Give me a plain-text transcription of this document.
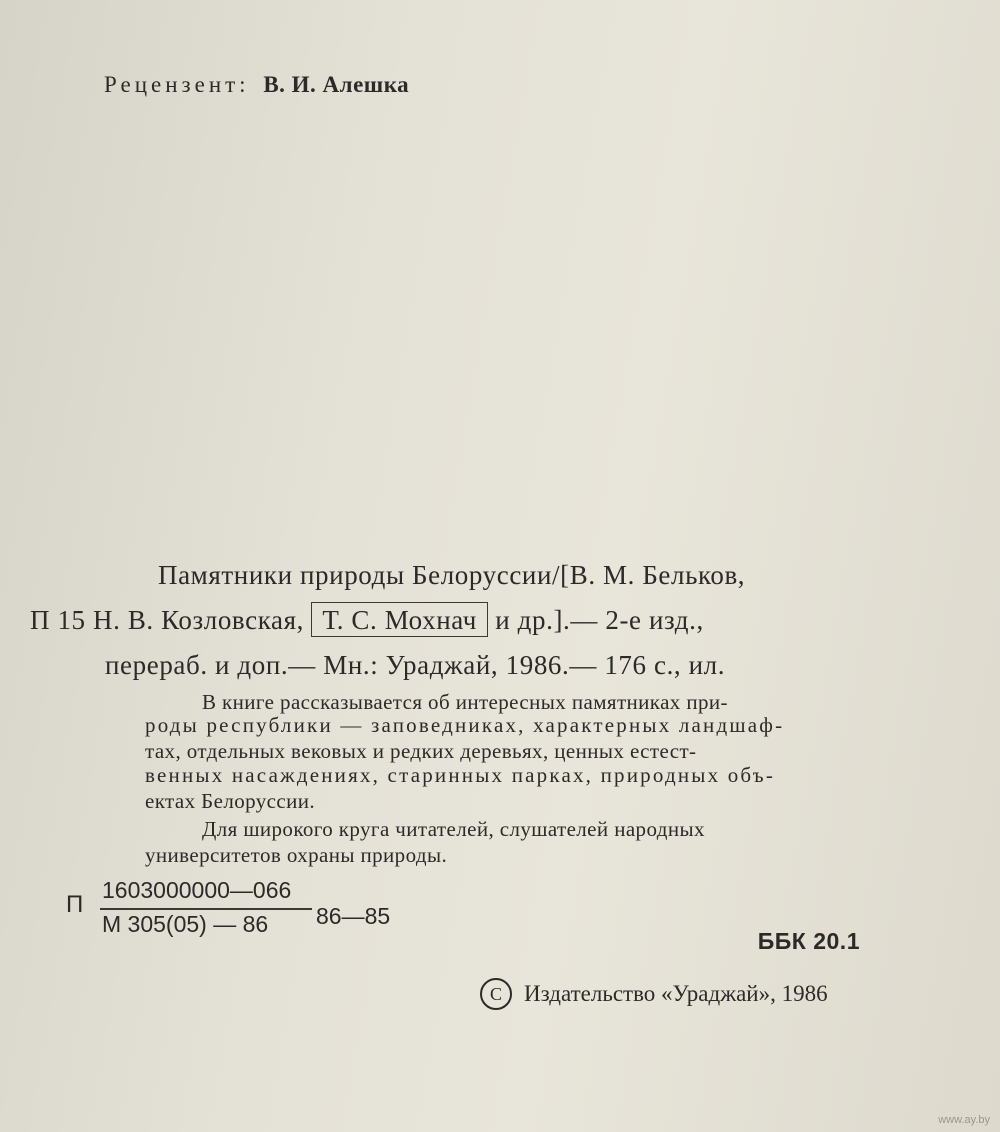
Рецензент: В. И. Алешка
Памятники природы Белоруссии/[В. М. Бельков,
П 15 Н. В. Козловская, Т. С. Мохнач и др.].— 2-е изд.,
перераб. и доп.— Мн.: Ураджай, 1986.— 176 с., ил.
В книге рассказывается об интересных памятниках при-
роды республики — заповедниках, характерных ландшаф-
тах, отдельных вековых и редких деревьях, ценных естест-
венных насаждениях, старинных парках, природных объ-
ектах Белоруссии.
Для широкого круга читателей, слушателей народных
университетов охраны природы.
П
1603000000—066
М 305(05) — 86 86—85
ББК 20.1
C Издательство «Ураджай», 1986
www.ay.by
